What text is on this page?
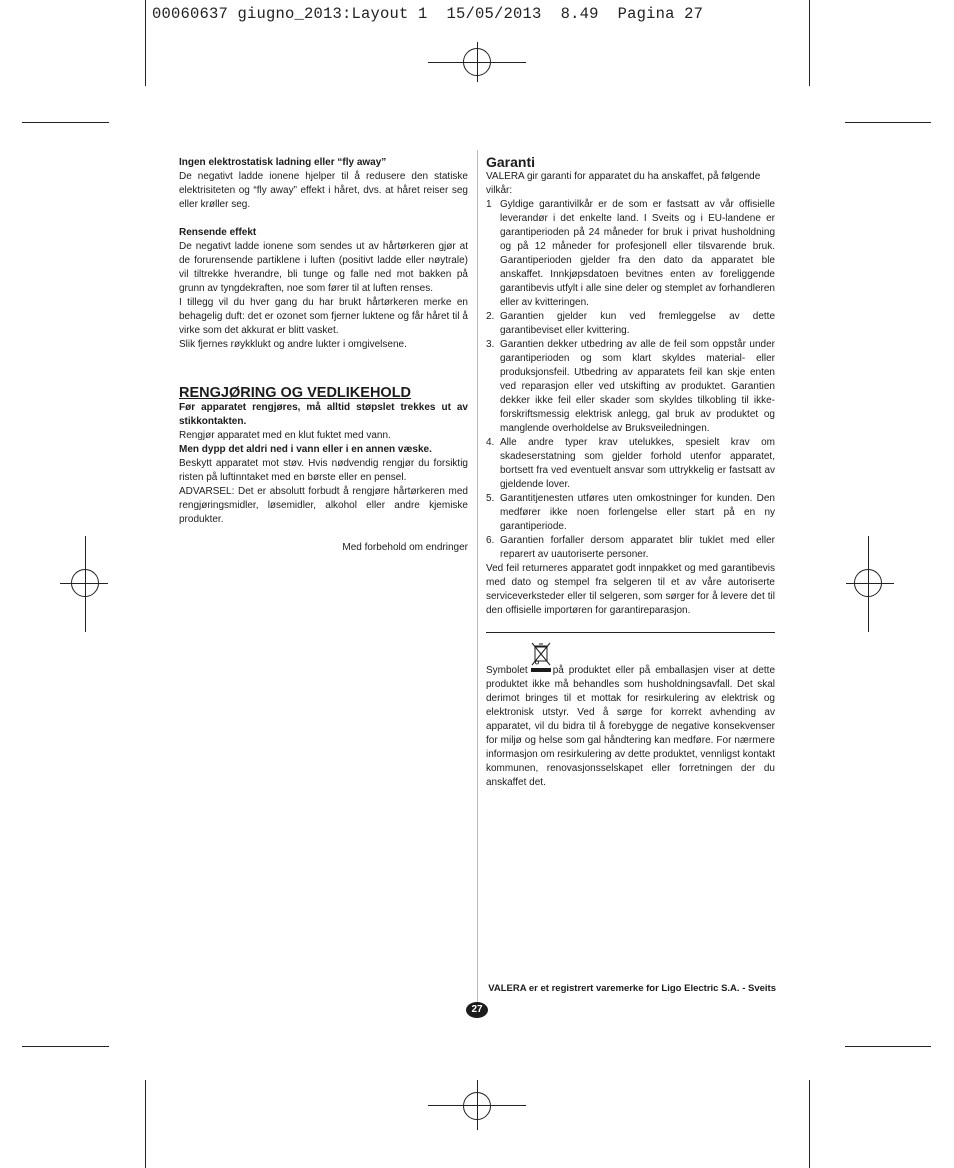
00060637 giugno_2013:Layout 1  15/05/2013  8.49  Pagina 27

Ingen elektrostatisk ladning eller “fly away”

De negativt ladde ionene hjelper til å redusere den statiske elektrisiteten og “fly away” effekt i håret, dvs. at håret reiser seg eller krøller seg.

Rensende effekt

De negativt ladde ionene som sendes ut av hårtørkeren gjør at de forurensende partiklene i luften (positivt ladde eller nøytrale) vil tiltrekke hverandre, bli tunge og falle ned mot bakken på grunn av tyngdekraften, noe som fører til at luften renses.

I tillegg vil du hver gang du har brukt hårtørkeren merke en behagelig duft: det er ozonet som fjerner luktene og får håret til å virke som det akkurat er blitt vasket.

Slik fjernes røykklukt og andre lukter i omgivelsene.

RENGJØRING OG VEDLIKEHOLD

Før apparatet rengjøres, må alltid støpslet trekkes ut av stikkontakten.

Rengjør apparatet med en klut fuktet med vann.

Men dypp det aldri ned i vann eller i en annen væske.

Beskytt apparatet mot støv. Hvis nødvendig rengjør du forsiktig risten på luftinntaket med en børste eller en pensel.

ADVARSEL: Det er absolutt forbudt å rengjøre hårtørkeren med rengjøringsmidler, løsemidler, alkohol eller andre kjemiske produkter.

Med forbehold om endringer

Garanti

VALERA gir garanti for apparatet du ha anskaffet, på følgende vilkår:

1 Gyldige garantivilkår er de som er fastsatt av vår offisielle leverandør i det enkelte land. I Sveits og i EU-landene er garantiperioden på 24 måneder for bruk i privat husholdning og på 12 måneder for profesjonell eller tilsvarende bruk. Garantiperioden gjelder fra den dato da apparatet ble anskaffet. Innkjøpsdatoen bevitnes enten av foreliggende garantibevis utfylt i alle sine deler og stemplet av forhandleren eller av kvitteringen.
2. Garantien gjelder kun ved fremleggelse av dette garantibeviset eller kvittering.
3. Garantien dekker utbedring av alle de feil som oppstår under garantiperioden og som klart skyldes material- eller produksjonsfeil. Utbedring av apparatets feil kan skje enten ved reparasjon eller ved utskifting av produktet. Garantien dekker ikke feil eller skader som skyldes tilkobling til ikke-forskriftsmessig elektrisk anlegg, gal bruk av produktet og manglende overholdelse av Bruksveiledningen.
4. Alle andre typer krav utelukkes, spesielt krav om skadeserstatning som gjelder forhold utenfor apparatet, bortsett fra ved eventuelt ansvar som uttrykkelig er fastsatt av gjeldende lover.
5. Garantitjenesten utføres uten omkostninger for kunden. Den medfører ikke noen forlengelse eller start på en ny garantiperiode.
6. Garantien forfaller dersom apparatet blir tuklet med eller reparert av uautoriserte personer.

Ved feil returneres apparatet godt innpakket og med garantibevis med dato og stempel fra selgeren til et av våre autoriserte serviceverksteder eller til selgeren, som sørger for å levere det til den offisielle importøren for garantireparasjon.

Symbolet	på produktet eller på emballasjen viser at dette produktet ikke må behandles som husholdningsavfall. Det skal derimot bringes til et mottak for resirkulering av elektrisk og elektronisk utstyr. Ved å sørge for korrekt avhending av apparatet, vil du bidra til å forebygge de negative konsekvenser for miljø og helse som gal håndtering kan medføre. For nærmere informasjon om resirkulering av dette produktet, vennligst kontakt kommunen, renovasjonsselskapet eller forretningen der du anskaffet det.

VALERA er et registrert varemerke for Ligo Electric S.A. - Sveits
27
